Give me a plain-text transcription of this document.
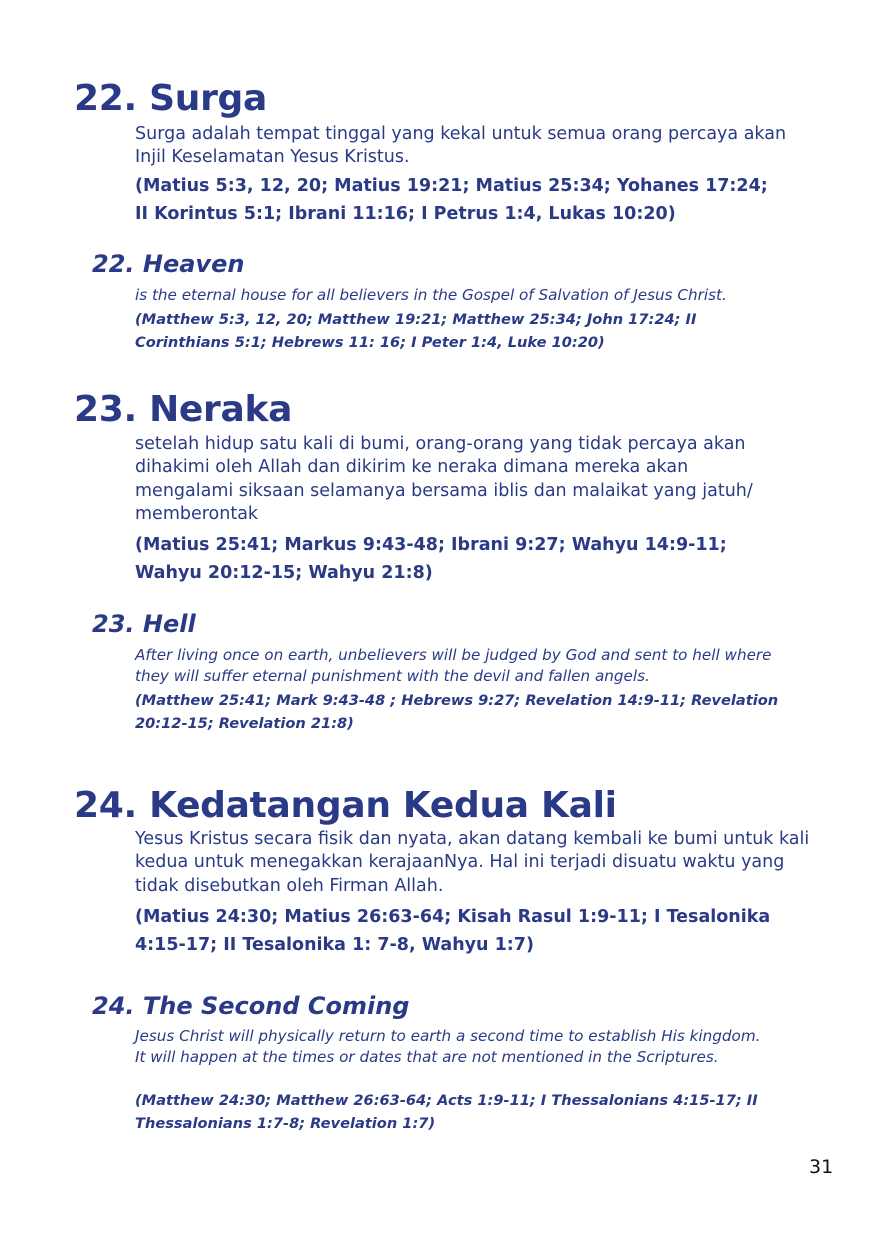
22. Surga

Surga adalah tempat tinggal yang kekal untuk semua orang percaya akan Injil Keselamatan Yesus Kristus.

(Matius 5:3, 12, 20; Matius 19:21; Matius 25:34; Yohanes 17:24; II Korintus 5:1; Ibrani 11:16; I Petrus 1:4, Lukas 10:20)

22. Heaven

is the eternal house for all believers in the Gospel of Salvation of Jesus Christ.

(Matthew 5:3, 12, 20; Matthew 19:21; Matthew 25:34; John 17:24; II Corinthians 5:1; Hebrews 11: 16; I Peter 1:4, Luke 10:20)

23. Neraka

setelah hidup satu kali di bumi, orang-orang yang tidak percaya akan dihakimi oleh Allah dan dikirim ke neraka dimana mereka akan mengalami siksaan selamanya bersama iblis dan malaikat yang jatuh/ memberontak

(Matius 25:41; Markus 9:43-48; Ibrani 9:27; Wahyu 14:9-11; Wahyu 20:12-15; Wahyu 21:8)

23. Hell

After living once on earth, unbelievers will be judged by God and sent to hell where they will suffer eternal punishment with the devil and fallen angels.

(Matthew 25:41; Mark 9:43-48 ; Hebrews 9:27; Revelation 14:9-11; Revelation 20:12-15; Revelation 21:8)

24. Kedatangan Kedua Kali

Yesus Kristus secara fisik dan nyata, akan datang kembali ke bumi untuk kali kedua untuk menegakkan kerajaanNya. Hal ini terjadi disuatu waktu yang tidak disebutkan oleh Firman Allah.

(Matius 24:30; Matius 26:63-64; Kisah Rasul 1:9-11; I Tesalonika 4:15-17; II Tesalonika 1: 7-8, Wahyu 1:7)

24. The Second Coming

Jesus Christ will physically return to earth a second time to establish His kingdom. It will happen at the times or dates that are not mentioned in the Scriptures.

(Matthew 24:30; Matthew 26:63-64; Acts 1:9-11; I Thessalonians 4:15-17; II Thessalonians 1:7-8; Revelation 1:7)

31
